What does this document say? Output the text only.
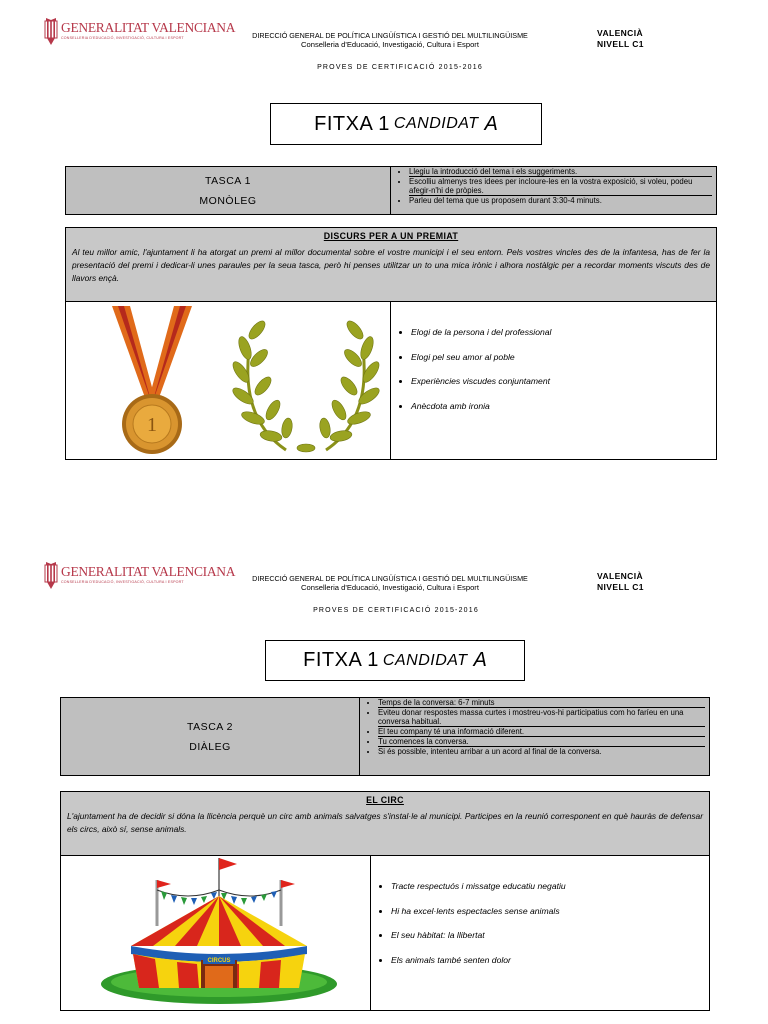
GENERALITAT VALENCIANA
CONSELLERIA D'EDUCACIÓ, INVESTIGACIÓ, CULTURA I ESPORT	DIRECCIÓ GENERAL DE POLÍTICA LINGÜÍSTICA I GESTIÓ DEL MULTILINGÜISME
Conselleria d'Educació, Investigació, Cultura i Esport
VALENCIÀ
NIVELL C1
PROVES DE CERTIFICACIÓ 2015-2016
FITXA 1 CANDIDAT A
TASCA 1
MONÒLEG
• Llegiu la introducció del tema i els suggeriments.
• Escolliu almenys tres idees per incloure-les en la vostra exposició, si voleu, podeu afegir-n'hi de pròpies.
• Parleu del tema que us proposem durant 3:30-4 minuts.
DISCURS PER A UN PREMIAT
Al teu millor amic, l'ajuntament li ha atorgat un premi al millor documental sobre el vostre municipi i el seu entorn. Pels vostres vincles des de la infantesa, has de fer la presentació del premi i dedicar-li unes paraules per la seua tasca, però hi penses utilitzar un to una mica irònic i alhora nostàlgic per a recordar moments viscuts des de llavors ençà.
1
• Elogi de la persona i del professional
• Elogi pel seu amor al poble
• Experiències viscudes conjuntament
• Anècdota amb ironia
GENERALITAT VALENCIANA
CONSELLERIA D'EDUCACIÓ, INVESTIGACIÓ, CULTURA I ESPORT	DIRECCIÓ GENERAL DE POLÍTICA LINGÜÍSTICA I GESTIÓ DEL MULTILINGÜISME
Conselleria d'Educació, Investigació, Cultura i Esport
VALENCIÀ
NIVELL C1
PROVES DE CERTIFICACIÓ 2015-2016
FITXA 1 CANDIDAT A
TASCA 2
DIÀLEG
• Temps de la conversa: 6-7 minuts
• Eviteu donar respostes massa curtes i mostreu-vos-hi participatius com ho faríeu en una conversa habitual.
• El teu company té una informació diferent.
• Tu comences la conversa.
• Si és possible, intenteu arribar a un acord al final de la conversa.
EL CIRC
L'ajuntament ha de decidir si dóna la llicència perquè un circ amb animals salvatges s'instal·le al municipi. Participes en la reunió corresponent en què hauràs de defensar els circs, això sí, sense animals.
CIRCUS
• Tracte respectuós i missatge educatiu negatiu
• Hi ha excel·lents espectacles sense animals
• El seu hàbitat: la llibertat
• Els animals també senten dolor
